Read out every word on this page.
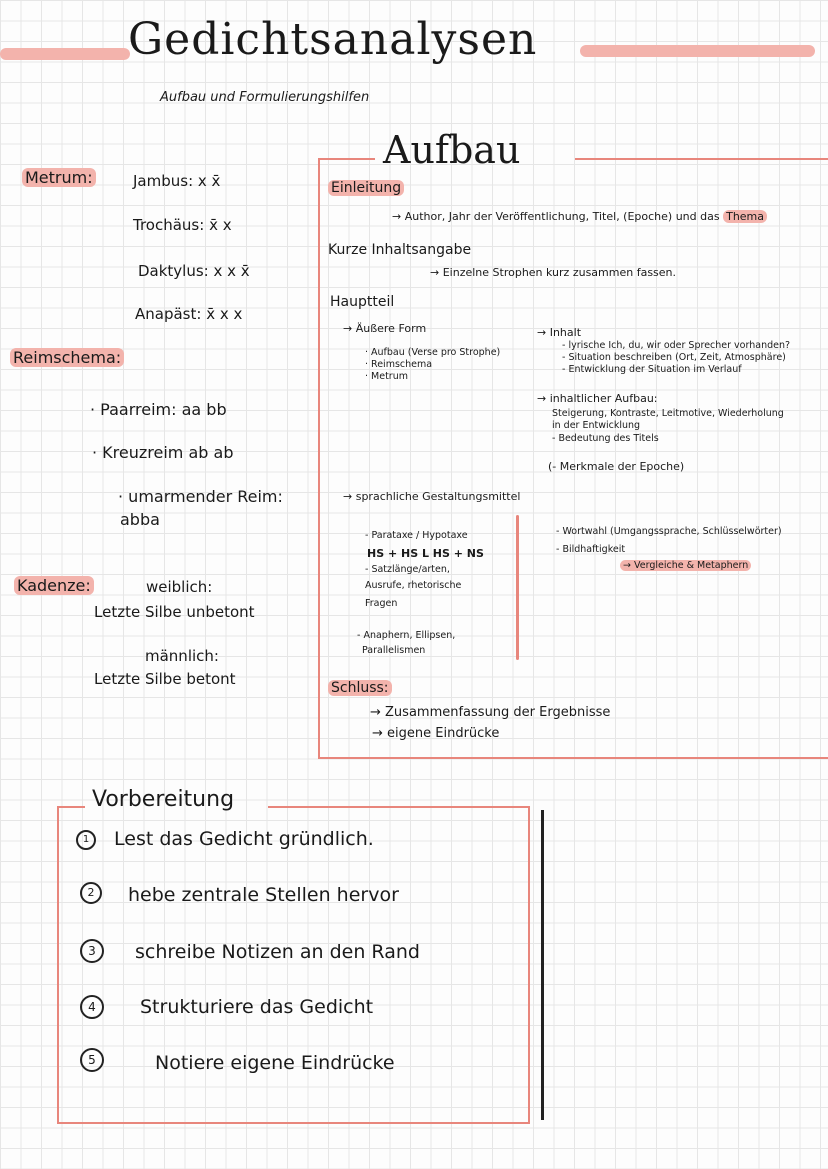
Gedichtsanalysen
Aufbau und Formulierungshilfen
Metrum:	Jambus: x x̄
Trochäus: x̄ x
Daktylus: x x x̄
Anapäst: x̄ x x
Reimschema:
· Paarreim: aa bb
· Kreuzreim ab ab
· umarmender Reim:
abba
Kadenze:	weiblich:
Letzte Silbe unbetont
männlich:
Letzte Silbe betont
Aufbau
Einleitung
→ Author, Jahr der Veröffentlichung, Titel, (Epoche) und das Thema
Kurze Inhaltsangabe
→ Einzelne Strophen kurz zusammen fassen.
Hauptteil
→ Äußere Form
· Aufbau (Verse pro Strophe)
· Reimschema
· Metrum
→ Inhalt
- lyrische Ich, du, wir oder Sprecher vorhanden?
- Situation beschreiben (Ort, Zeit, Atmosphäre)
- Entwicklung der Situation im Verlauf
→ inhaltlicher Aufbau:
Steigerung, Kontraste, Leitmotive, Wiederholung
in der Entwicklung
- Bedeutung des Titels
(- Merkmale der Epoche)
→ sprachliche Gestaltungsmittel
- Parataxe / Hypotaxe
HS + HS L HS + NS
- Satzlänge/arten,
Ausrufe, rhetorische
Fragen
- Anaphern, Ellipsen,
Parallelismen
- Wortwahl (Umgangssprache, Schlüsselwörter)
- Bildhaftigkeit
→ Vergleiche & Metaphern
Schluss:
→ Zusammenfassung der Ergebnisse
→ eigene Eindrücke
Vorbereitung
1	Lest das Gedicht gründlich.
2	hebe zentrale Stellen hervor
3	schreibe Notizen an den Rand
4	Strukturiere das Gedicht
5	Notiere eigene Eindrücke
